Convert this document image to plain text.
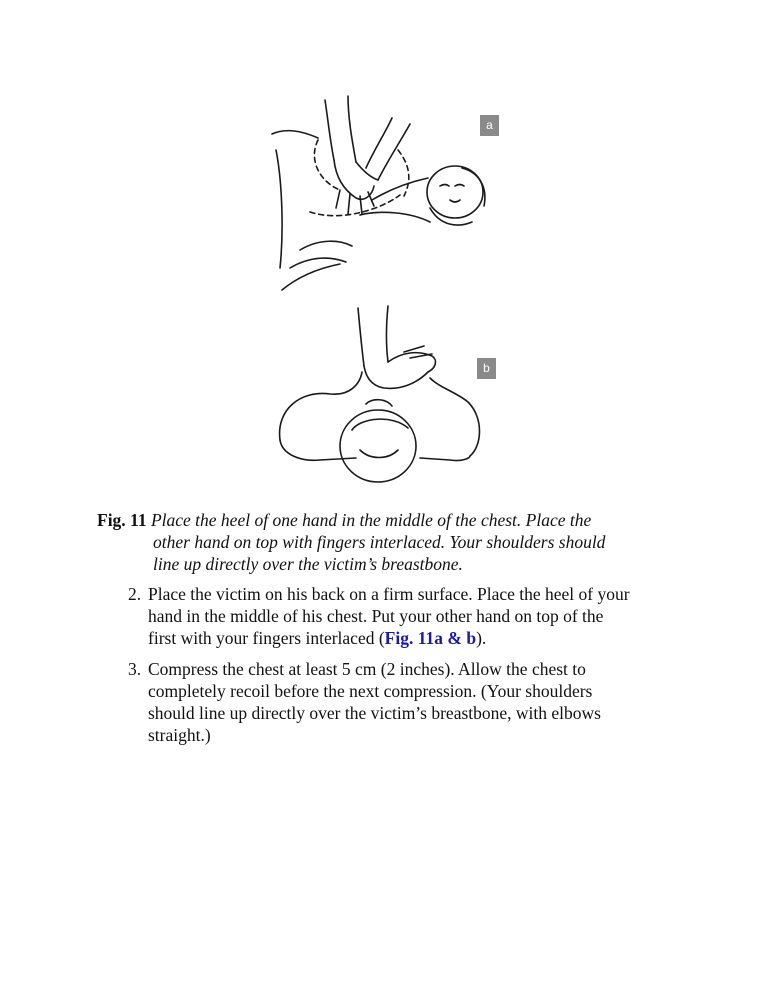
a
b
Fig. 11 Place the heel of one hand in the middle of the chest. Place the
other hand on top with fingers interlaced. Your shoulders should
line up directly over the victim’s breastbone.
2. Place the victim on his back on a firm surface. Place the heel of your
hand in the middle of his chest. Put your other hand on top of the
first with your fingers interlaced (Fig. 11a & b).
3. Compress the chest at least 5 cm (2 inches). Allow the chest to
completely recoil before the next compression. (Your shoulders
should line up directly over the victim’s breastbone, with elbows
straight.)
